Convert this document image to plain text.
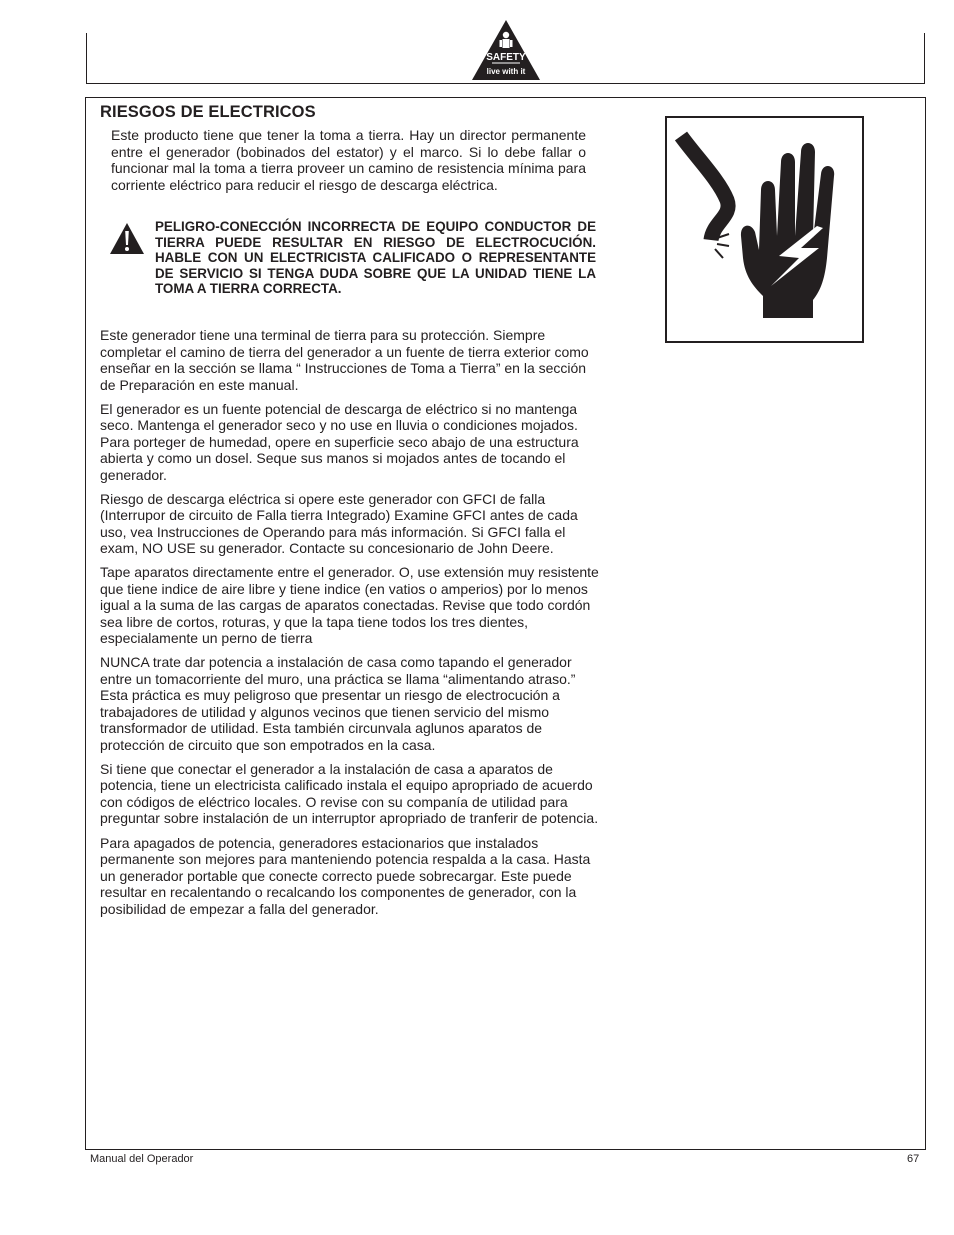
SAFETY
live with it
RIESGOS DE ELECTRICOS

Este producto tiene que tener la toma a tierra. Hay un director permanente entre el generador (bobinados del estator) y el marco. Si lo debe fallar o funcionar mal la toma a tierra proveer un camino de resistencia mínima para corriente eléctrico para reducir el riesgo de descarga eléctrica.

PELIGRO-CONECCIÓN INCORRECTA DE EQUIPO CONDUCTOR DE TIERRA PUEDE RESULTAR EN RIESGO DE ELECTROCUCIÓN. HABLE CON UN ELECTRICISTA CALIFICADO O REPRESENTANTE DE SERVICIO SI TENGA DUDA SOBRE QUE LA UNIDAD TIENE LA TOMA A TIERRA CORRECTA.

Este generador tiene una terminal de tierra para su protección. Siempre completar el camino de tierra del generador a un fuente de tierra exterior como enseñar en la sección se llama “ Instrucciones de Toma a Tierra” en la sección de Preparación en este manual.

El generador es un fuente potencial de descarga de eléctrico si no mantenga seco. Mantenga el generador seco y no use en lluvia o condiciones mojados. Para porteger de humedad, opere en superficie seco abajo de una estructura abierta y como un dosel. Seque sus manos si mojados antes de tocando el generador.

Riesgo de descarga eléctrica si opere este generador con GFCI de falla (Interrupor de circuito de Falla tierra Integrado) Examine GFCI antes de cada uso, vea Instrucciones de Operando para más información. Si GFCI falla el exam, NO USE su generador. Contacte su concesionario de John Deere.

Tape aparatos directamente entre el generador. O, use extensión muy resistente que tiene indice de aire libre y tiene indice (en vatios o amperios) por lo menos igual a la suma de las cargas de aparatos conectadas. Revise que todo cordón sea libre de cortos, roturas, y que la tapa tiene todos los tres dientes, especialamente un perno de tierra

NUNCA trate dar potencia a instalación de casa como tapando el generador entre un tomacorriente del muro, una práctica se llama “alimentando atraso.” Esta práctica es muy peligroso que presentar un riesgo de electrocución a trabajadores de utilidad y algunos vecinos que tienen servicio del mismo transformador de utilidad. Esta también circunvala aglunos aparatos de protección de circuito que son empotrados en la casa.

Si tiene que conectar el generador a la instalación de casa a aparatos de potencia, tiene un electricista calificado instala el equipo apropriado de acuerdo con códigos de eléctrico locales. O revise con su companía de utilidad para preguntar sobre instalación de un interruptor apropriado de tranferir de potencia.

Para apagados de potencia, generadores estacionarios que instalados permanente son mejores para manteniendo potencia respalda a la casa. Hasta un generador portable que conecte correcto puede sobrecargar. Este puede resultar en recalentando o recalcando los componentes de generador, con la posibilidad de empezar a falla del generador.

Manual del Operador	67
